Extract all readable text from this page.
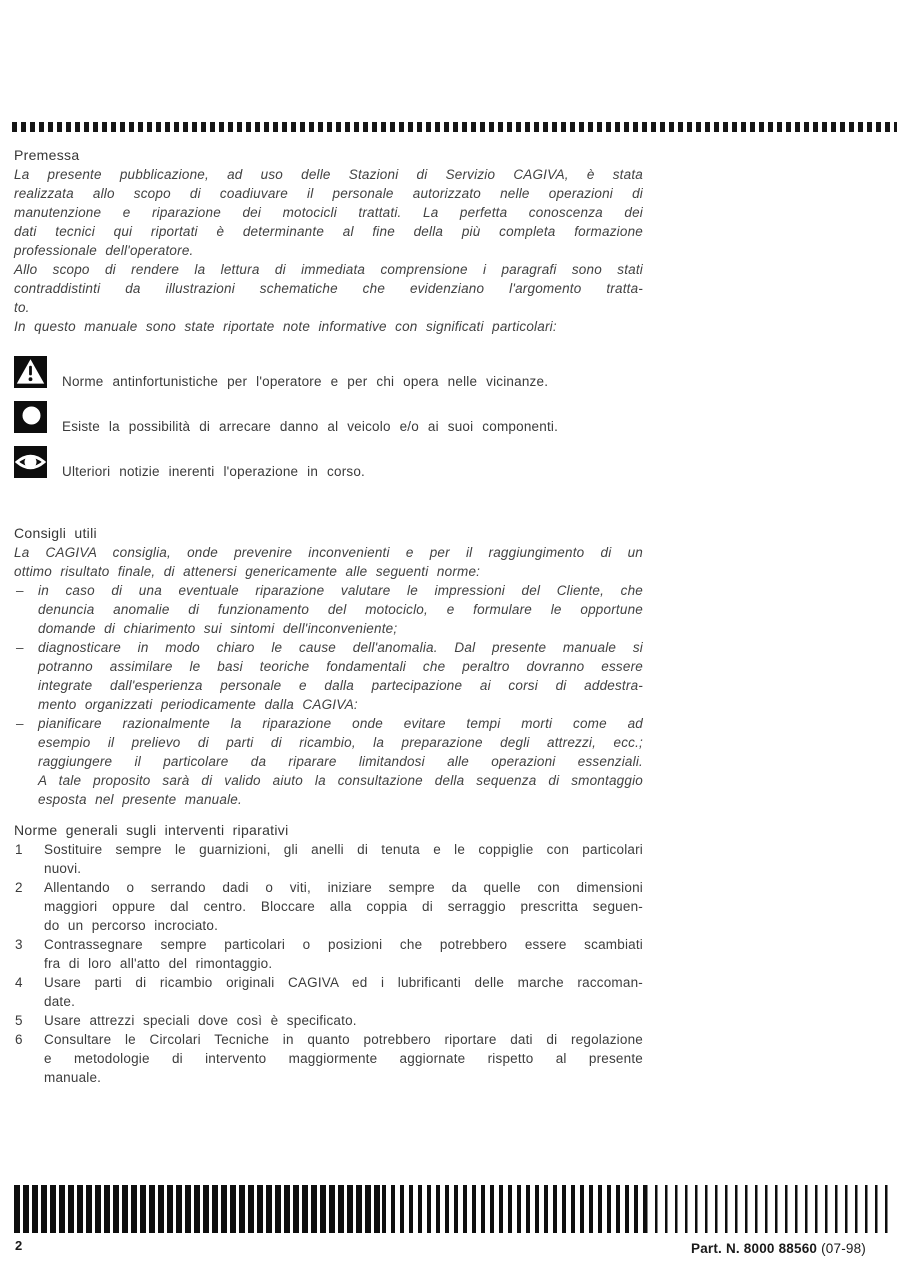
Premessa
La presente pubblicazione, ad uso delle Stazioni di Servizio CAGIVA, è stata
realizzata allo scopo di coadiuvare il personale autorizzato nelle operazioni di
manutenzione e riparazione dei motocicli trattati. La perfetta conoscenza dei
dati tecnici qui riportati è determinante al fine della più completa formazione
professionale dell'operatore.
Allo scopo di rendere la lettura di immediata comprensione i paragrafi sono stati
contraddistinti da illustrazioni schematiche che evidenziano l'argomento tratta-
to.
In questo manuale sono state riportate note informative con significati particolari:
Norme antinfortunistiche per l'operatore e per chi opera nelle vicinanze.
Esiste la possibilità di arrecare danno al veicolo e/o ai suoi componenti.
Ulteriori notizie inerenti l'operazione in corso.
Consigli utili
La CAGIVA consiglia, onde prevenire inconvenienti e per il raggiungimento di un
ottimo risultato finale, di attenersi genericamente alle seguenti norme:
– in caso di una eventuale riparazione valutare le impressioni del Cliente, che
denuncia anomalie di funzionamento del motociclo, e formulare le opportune
domande di chiarimento sui sintomi dell'inconveniente;
– diagnosticare in modo chiaro le cause dell'anomalia. Dal presente manuale si
potranno assimilare le basi teoriche fondamentali che peraltro dovranno essere
integrate dall'esperienza personale e dalla partecipazione ai corsi di addestra-
mento organizzati periodicamente dalla CAGIVA:
– pianificare razionalmente la riparazione onde evitare tempi morti come ad
esempio il prelievo di parti di ricambio, la preparazione degli attrezzi, ecc.;
raggiungere il particolare da riparare limitandosi alle operazioni essenziali.
A tale proposito sarà di valido aiuto la consultazione della sequenza di smontaggio
esposta nel presente manuale.
Norme generali sugli interventi riparativi
1 Sostituire sempre le guarnizioni, gli anelli di tenuta e le coppiglie con particolari
nuovi.
2 Allentando o serrando dadi o viti, iniziare sempre da quelle con dimensioni
maggiori oppure dal centro. Bloccare alla coppia di serraggio prescritta seguen-
do un percorso incrociato.
3 Contrassegnare sempre particolari o posizioni che potrebbero essere scambiati
fra di loro all'atto del rimontaggio.
4 Usare parti di ricambio originali CAGIVA ed i lubrificanti delle marche raccoman-
date.
5 Usare attrezzi speciali dove così è specificato.
6 Consultare le Circolari Tecniche in quanto potrebbero riportare dati di regolazione
e metodologie di intervento maggiormente aggiornate rispetto al presente
manuale.
2	Part. N. 8000 88560 (07-98)
